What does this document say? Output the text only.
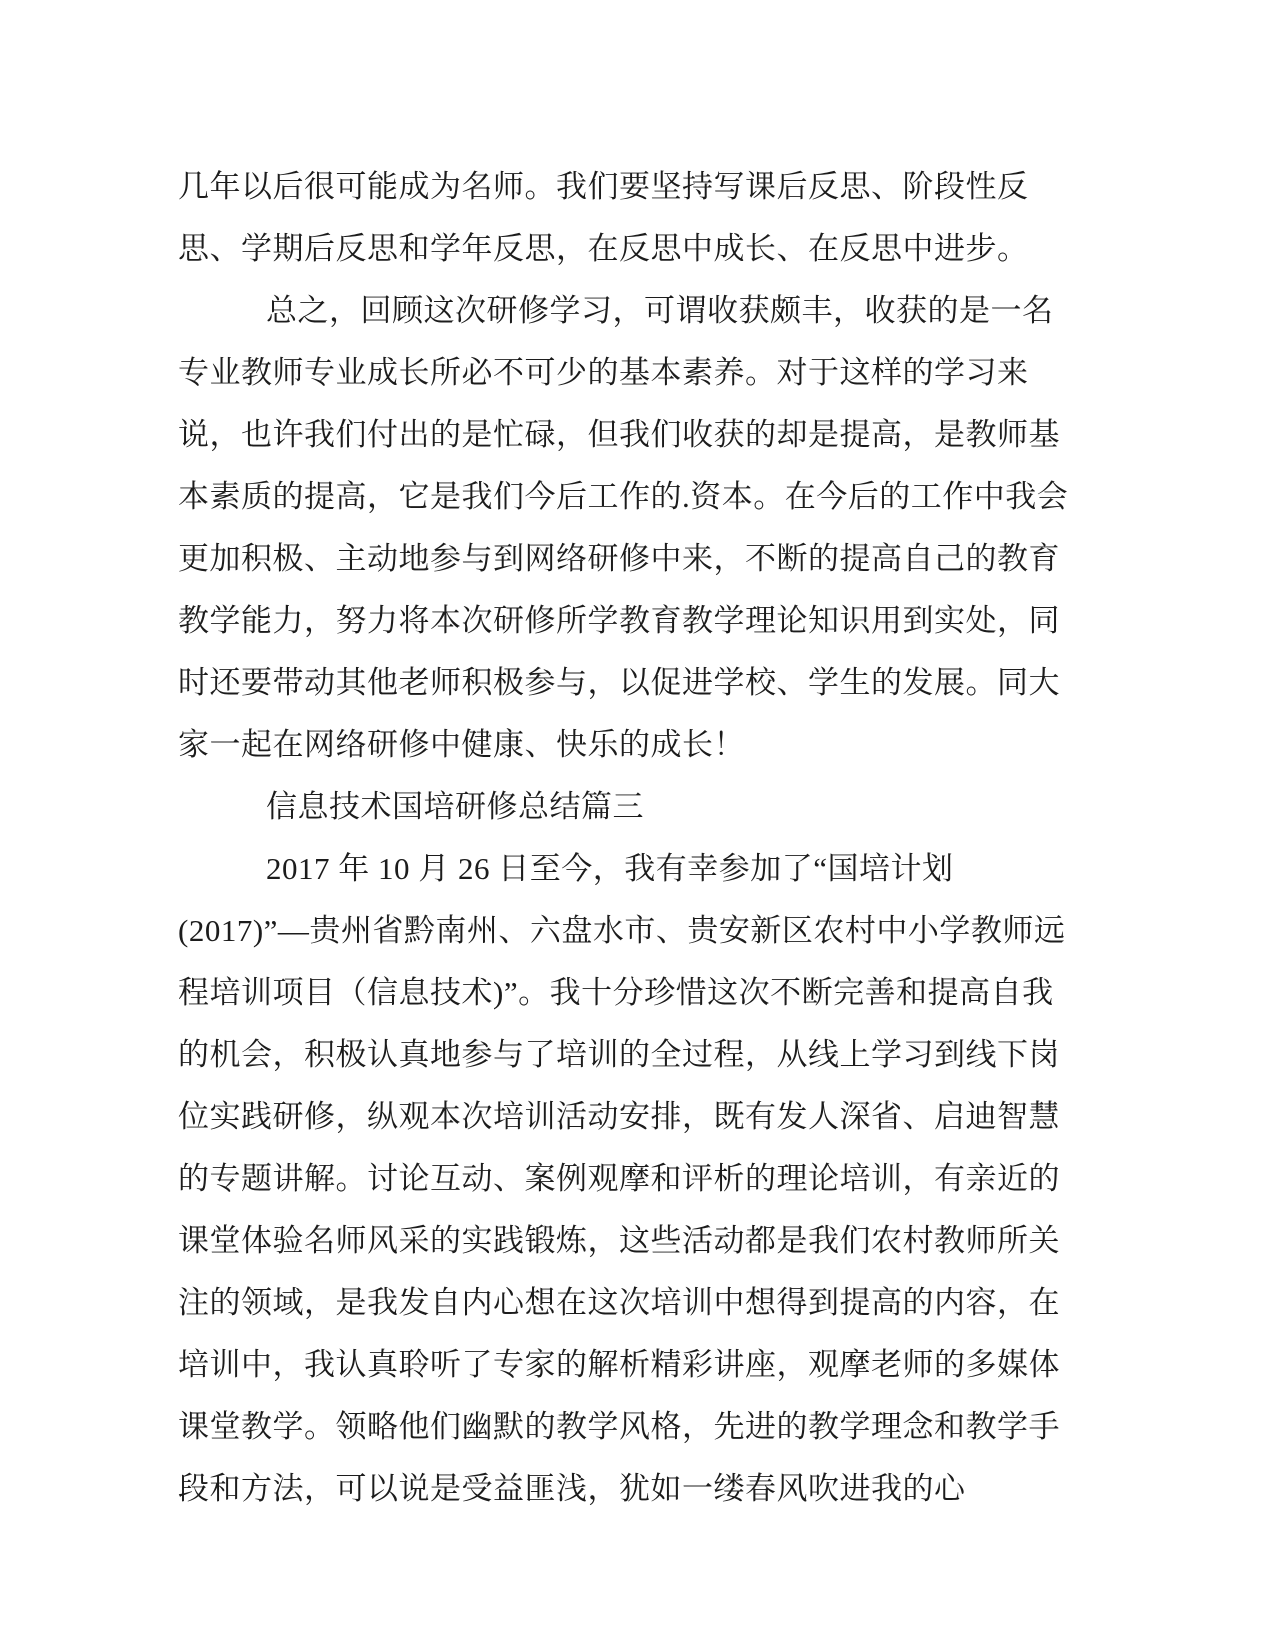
几年以后很可能成为名师。我们要坚持写课后反思、阶段性反思、学期后反思和学年反思，在反思中成长、在反思中进步。

总之，回顾这次研修学习，可谓收获颇丰，收获的是一名专业教师专业成长所必不可少的基本素养。对于这样的学习来说，也许我们付出的是忙碌，但我们收获的却是提高，是教师基本素质的提高，它是我们今后工作的.资本。在今后的工作中我会更加积极、主动地参与到网络研修中来，不断的提高自己的教育教学能力，努力将本次研修所学教育教学理论知识用到实处，同时还要带动其他老师积极参与，以促进学校、学生的发展。同大家一起在网络研修中健康、快乐的成长！

信息技术国培研修总结篇三

2017 年 10 月 26 日至今，我有幸参加了“国培计划(2017)”—贵州省黔南州、六盘水市、贵安新区农村中小学教师远程培训项目（信息技术)”。我十分珍惜这次不断完善和提高自我的机会，积极认真地参与了培训的全过程，从线上学习到线下岗位实践研修，纵观本次培训活动安排，既有发人深省、启迪智慧的专题讲解。讨论互动、案例观摩和评析的理论培训，有亲近的课堂体验名师风采的实践锻炼，这些活动都是我们农村教师所关注的领域，是我发自内心想在这次培训中想得到提高的内容，在培训中，我认真聆听了专家的解析精彩讲座，观摩老师的多媒体课堂教学。领略他们幽默的教学风格，先进的教学理念和教学手段和方法，可以说是受益匪浅，犹如一缕春风吹进我的心
